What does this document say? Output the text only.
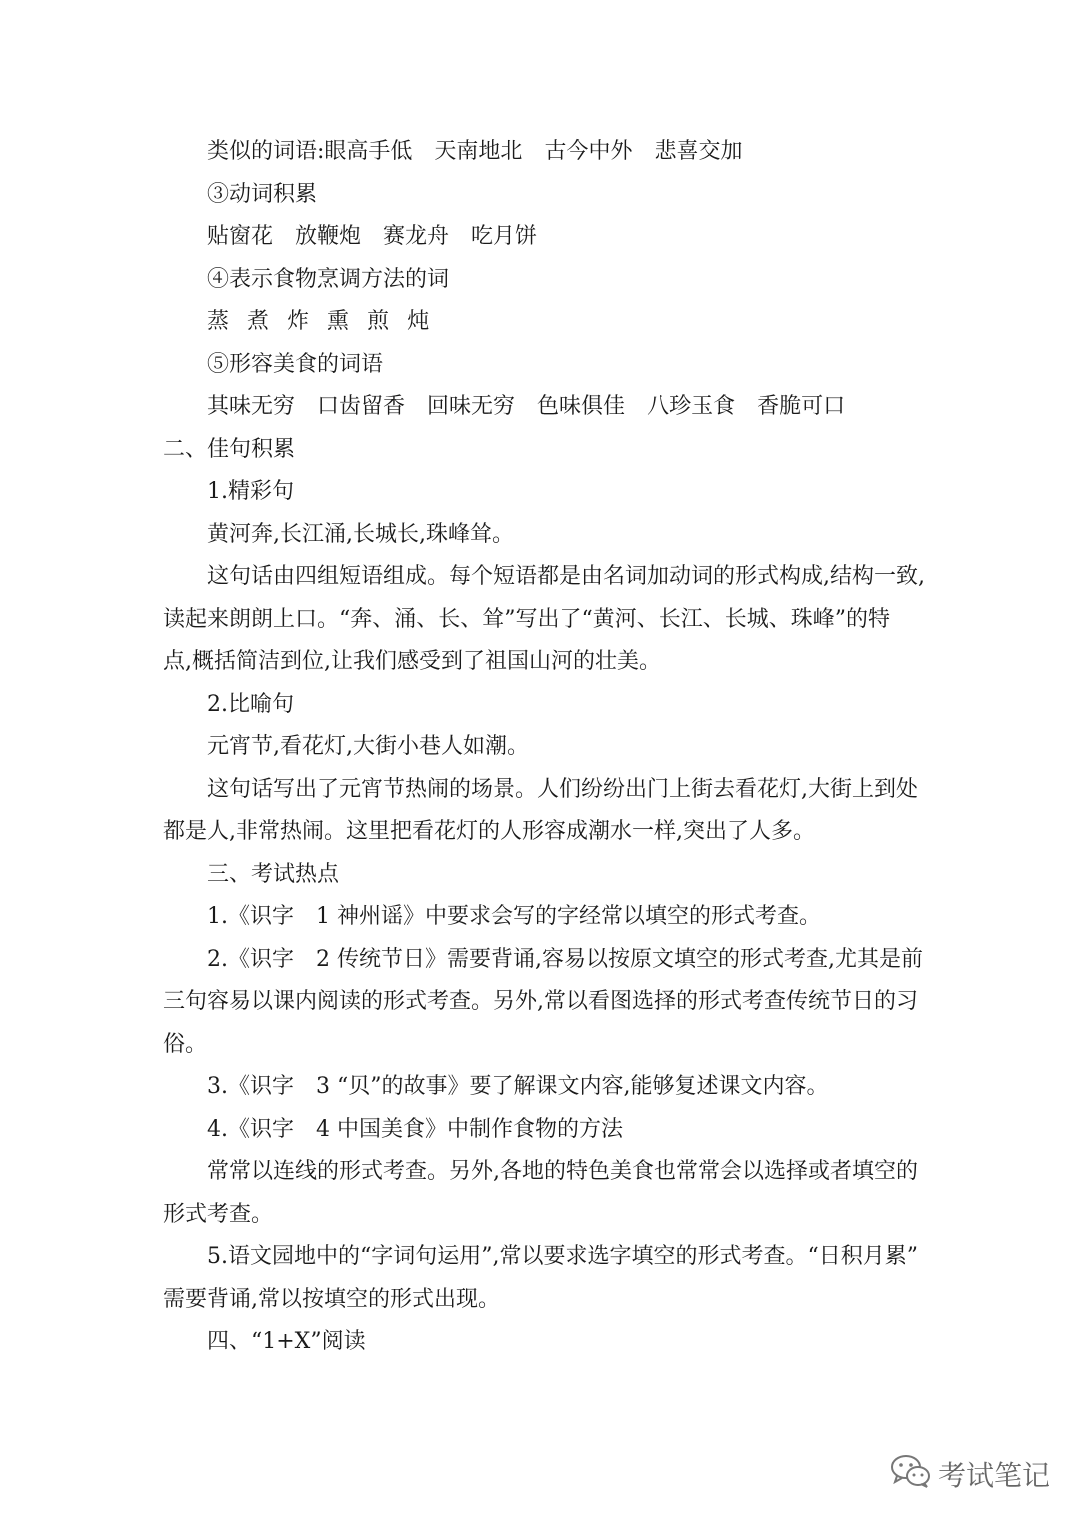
类似的词语:眼高手低 天南地北 古今中外 悲喜交加
③动词积累
贴窗花 放鞭炮 赛龙舟 吃月饼
④表示食物烹调方法的词
蒸 煮 炸 熏 煎 炖
⑤形容美食的词语
其味无穷 口齿留香 回味无穷 色味俱佳 八珍玉食 香脆可口
二、佳句积累
1.精彩句
黄河奔,长江涌,长城长,珠峰耸。
这句话由四组短语组成。每个短语都是由名词加动词的形式构成,结构一致,
读起来朗朗上口。“奔、涌、长、耸”写出了“黄河、长江、长城、珠峰”的特
点,概括简洁到位,让我们感受到了祖国山河的壮美。
2.比喻句
元宵节,看花灯,大街小巷人如潮。
这句话写出了元宵节热闹的场景。人们纷纷出门上街去看花灯,大街上到处
都是人,非常热闹。这里把看花灯的人形容成潮水一样,突出了人多。
三、考试热点
1.《识字　1 神州谣》中要求会写的字经常以填空的形式考查。
2.《识字　2 传统节日》需要背诵,容易以按原文填空的形式考查,尤其是前
三句容易以课内阅读的形式考查。另外,常以看图选择的形式考查传统节日的习
俗。
3.《识字　3 “贝”的故事》要了解课文内容,能够复述课文内容。
4.《识字　4 中国美食》中制作食物的方法
常常以连线的形式考查。另外,各地的特色美食也常常会以选择或者填空的
形式考查。
5.语文园地中的“字词句运用”,常以要求选字填空的形式考查。“日积月累”
需要背诵,常以按填空的形式出现。
四、“1+X”阅读
考试笔记
